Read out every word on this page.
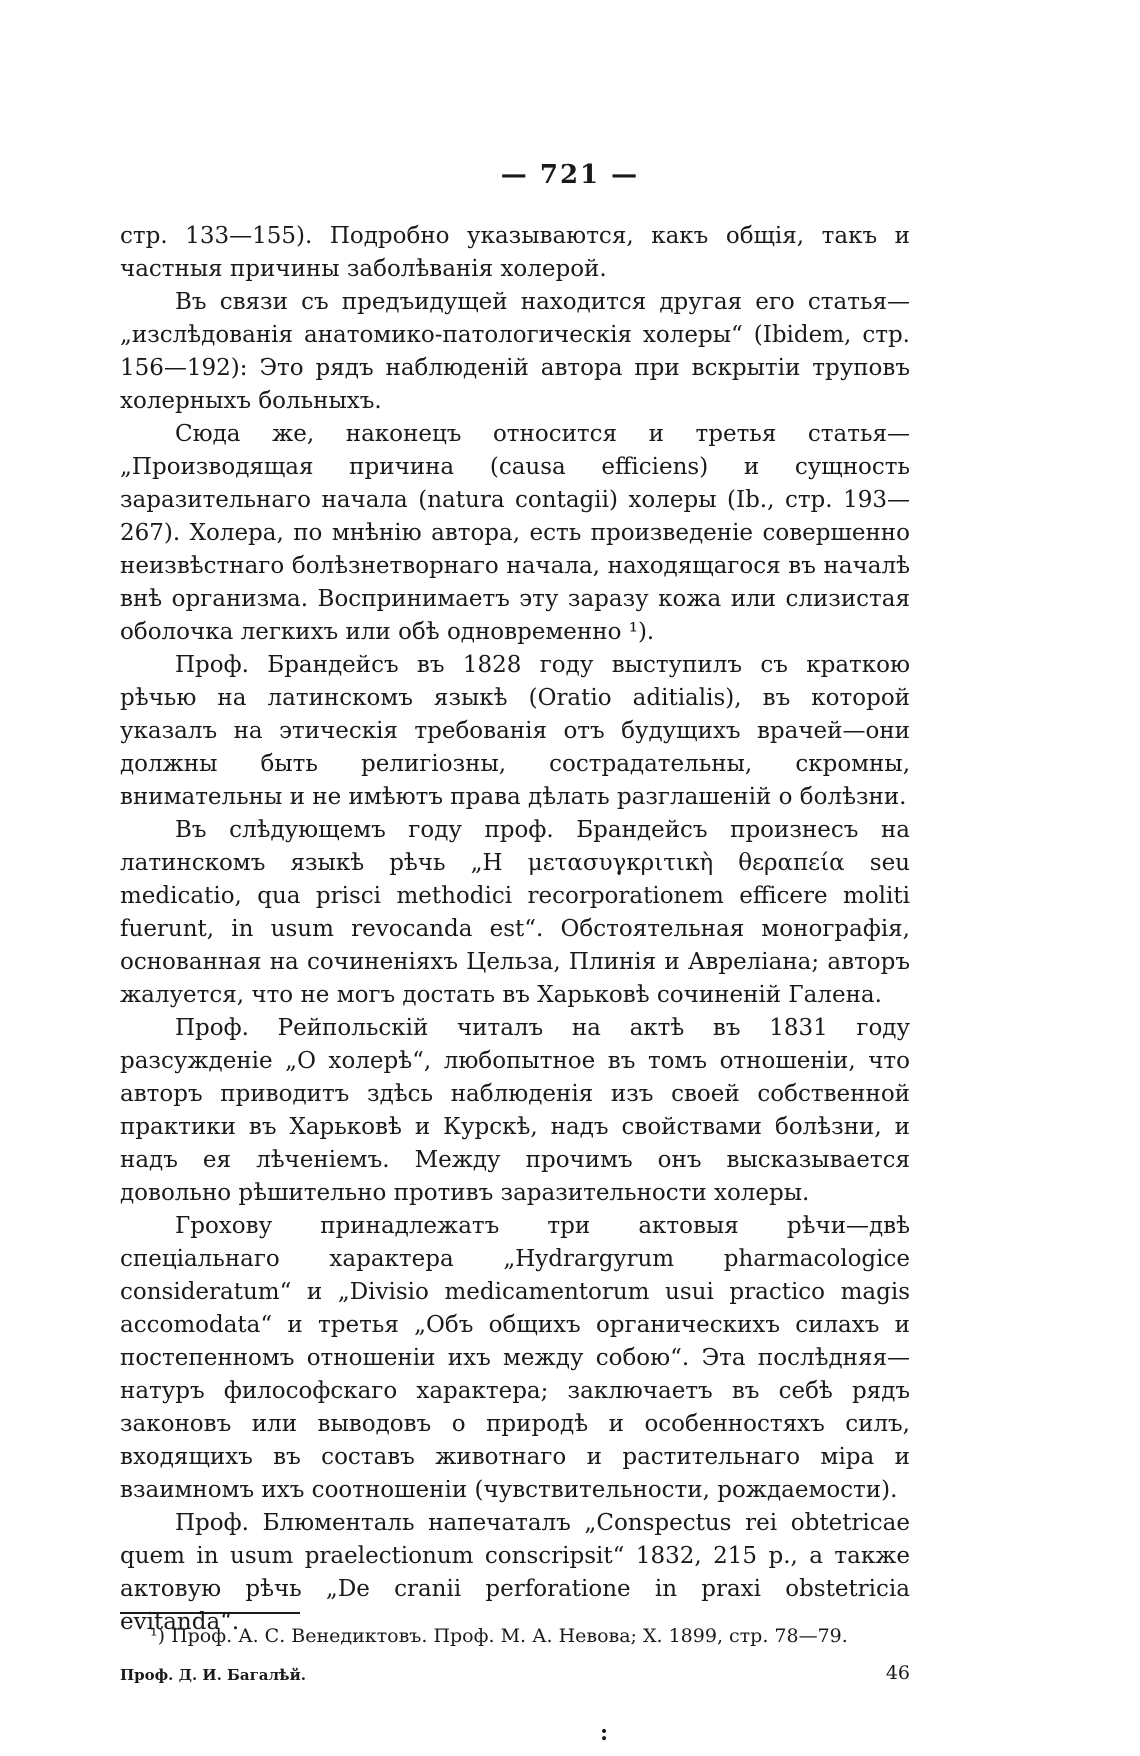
— 721 —

стр. 133—155). Подробно указываются, какъ общія, такъ и частныя причины заболѣванія холерой.

Въ связи съ предъидущей находится другая его статья—„изслѣдованія анатомико-патологическія холеры“ (Ibidem, стр. 156—192): Это рядъ наблюденій автора при вскрытіи труповъ холерныхъ больныхъ.

Сюда же, наконецъ относится и третья статья—„Производящая причина (causa efficiens) и сущность заразительнаго начала (natura contagii) холеры (Ib., стр. 193—267). Холера, по мнѣнію автора, есть произведеніе совершенно неизвѣстнаго болѣзнетворнаго начала, находящагося въ началѣ внѣ организма. Воспринимаетъ эту заразу кожа или слизистая оболочка легкихъ или обѣ одновременно ¹).

Проф. Брандейсъ въ 1828 году выступилъ съ краткою рѣчью на латинскомъ языкѣ (Oratio aditialis), въ которой указалъ на этическія требованія отъ будущихъ врачей—они должны быть религіозны, сострадательны, скромны, внимательны и не имѣютъ права дѣлать разглашеній о болѣзни.

Въ слѣдующемъ году проф. Брандейсъ произнесъ на латинскомъ языкѣ рѣчь „Η μετασυγκριτικὴ θεραπεία seu medicatio, qua prisci methodici recorporationem efficere moliti fuerunt, in usum revocanda est“. Обстоятельная монографія, основанная на сочиненіяхъ Цельза, Плинія и Авреліана; авторъ жалуется, что не могъ достать въ Харьковѣ сочиненій Галена.

Проф. Рейпольскій читалъ на актѣ въ 1831 году разсужденіе „О холерѣ“, любопытное въ томъ отношеніи, что авторъ приводитъ здѣсь наблюденія изъ своей собственной практики въ Харьковѣ и Курскѣ, надъ свойствами болѣзни, и надъ ея лѣченіемъ. Между прочимъ онъ высказывается довольно рѣшительно противъ заразительности холеры.

Грохову принадлежатъ три актовыя рѣчи—двѣ спеціальнаго характера „Hydrargyrum pharmacologice consideratum“ и „Divisio medicamentorum usui practico magis accomodata“ и третья „Объ общихъ органическихъ силахъ и постепенномъ отношеніи ихъ между собою“. Эта послѣдняя—натуръ философскаго характера; заключаетъ въ себѣ рядъ законовъ или выводовъ о природѣ и особенностяхъ силъ, входящихъ въ составъ животнаго и растительнаго міра и взаимномъ ихъ соотношеніи (чувствительности, рождаемости).

Проф. Блюменталь напечаталъ „Conspectus rei obtetricae quem in usum praelectionum conscripsit“ 1832, 215 p., а также актовую рѣчь „De cranii perforatione in praxi obstetricia evitanda“.

¹) Проф. А. С. Венедиктовъ. Проф. М. А. Невова; Х. 1899, стр. 78—79.
Проф. Д. И. Багалѣй.	46
:
